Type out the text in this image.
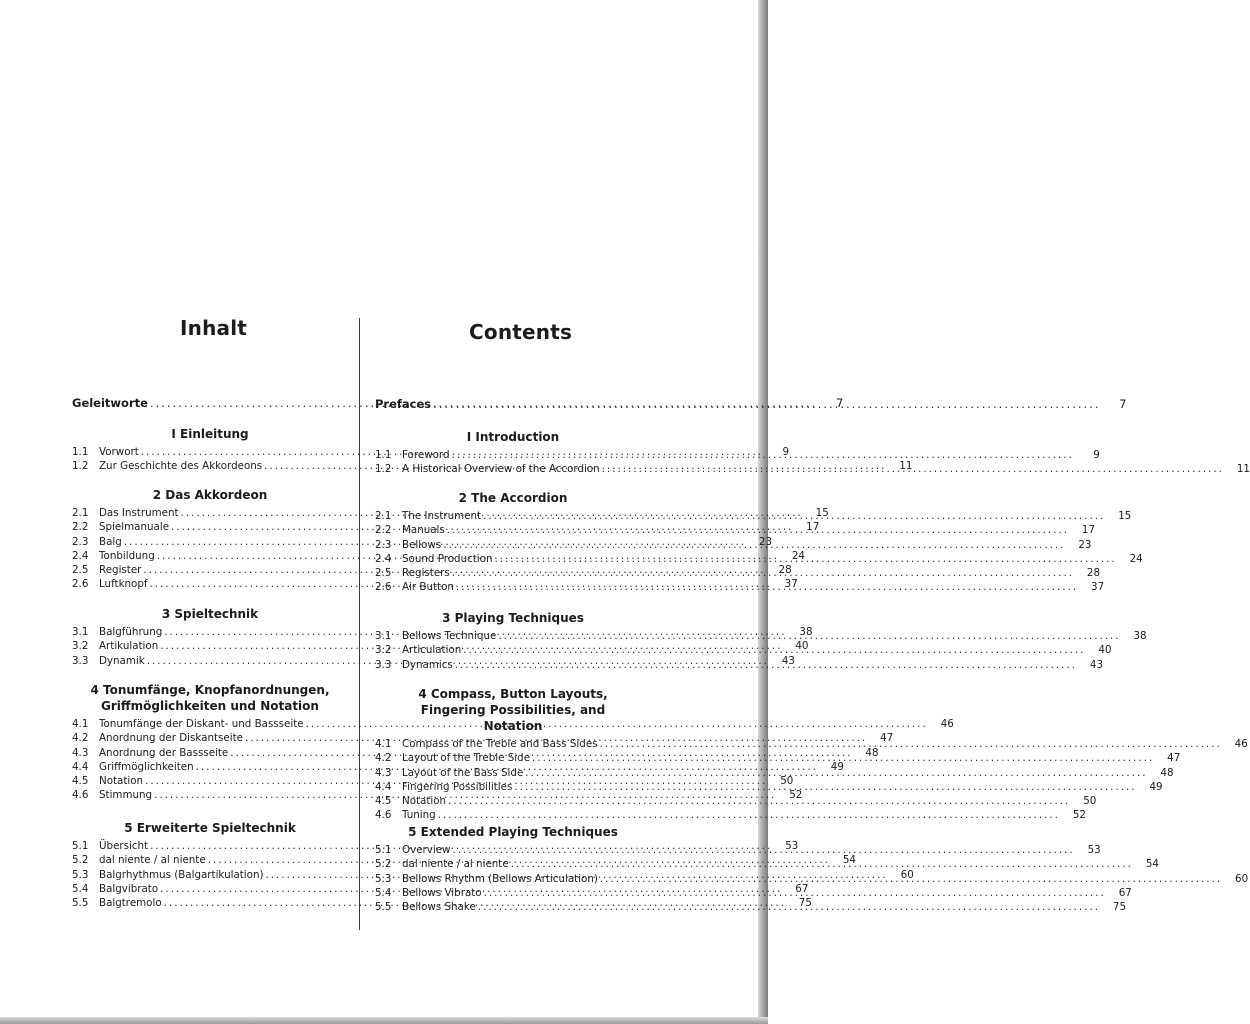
Inhalt
Geleitworte .....	7
I Einleitung
1.1	Vorwort .....	9
1.2	Zur Geschichte des Akkordeons .....	11
2 Das Akkordeon
2.1	Das Instrument .....	15
2.2	Spielmanuale .....	17
2.3	Balg .....	23
2.4	Tonbildung .....	24
2.5	Register .....	28
2.6	Luftknopf .....	37
3 Spieltechnik
3.1	Balgführung .....	38
3.2	Artikulation .....	40
3.3	Dynamik .....	43
4 Tonumfänge, Knopfanordnungen, Griffmöglichkeiten und Notation
4.1	Tonumfänge der Diskant- und Bassseite .....	46
4.2	Anordnung der Diskantseite .....	47
4.3	Anordnung der Bassseite .....	48
4.4	Griffmöglichkeiten .....	49
4.5	Notation .....	50
4.6	Stimmung .....	52
5 Erweiterte Spieltechnik
5.1	Übersicht .....	53
5.2	dal niente / al niente .....	54
5.3	Balgrhythmus (Balgartikulation) .....	60
5.4	Balgvibrato .....	67
5.5	Balgtremolo .....	75
Contents
Prefaces .....	7
I Introduction
1.1	Foreword .....	9
1.2	A Historical Overview of the Accordion .....	11
2 The Accordion
2.1	The Instrument .....	15
2.2	Manuals .....	17
2.3	Bellows .....	23
2.4	Sound Production .....	24
2.5	Registers .....	28
2.6	Air Button .....	37
3 Playing Techniques
3.1	Bellows Technique .....	38
3.2	Articulation .....	40
3.3	Dynamics .....	43
4 Compass, Button Layouts, Fingering Possibilities, and Notation
4.1	Compass of the Treble and Bass Sides .....	46
4.2	Layout of the Treble Side .....	47
4.3	Layout of the Bass Side .....	48
4.4	Fingering Possibilities .....	49
4.5	Notation .....	50
4.6	Tuning .....	52
5 Extended Playing Techniques
5.1	Overview .....	53
5.2	dal niente / al niente .....	54
5.3	Bellows Rhythm (Bellows Articulation) .....	60
5.4	Bellows Vibrato .....	67
5.5	Bellows Shake .....	75
